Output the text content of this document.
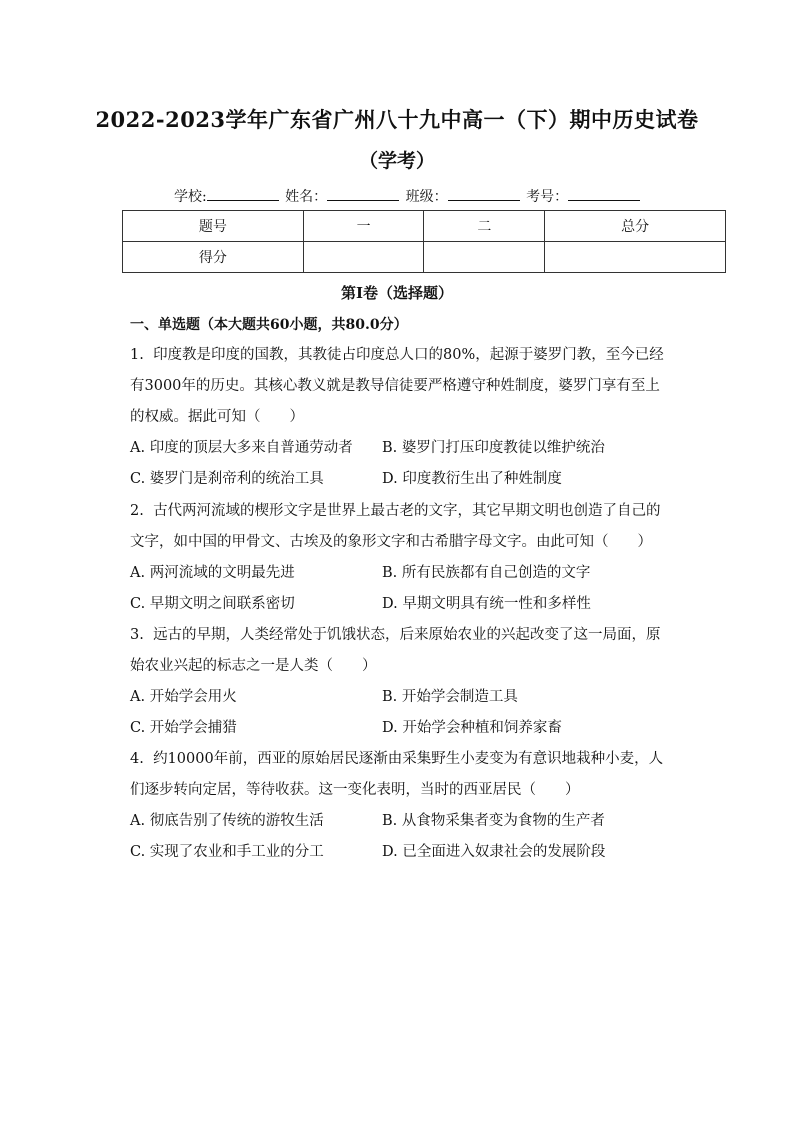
2022-2023学年广东省广州八十九中高一（下）期中历史试卷
（学考）
学校:	姓名：	班级：	考号：
题号	一	二	总分
得分			
第Ⅰ卷（选择题）
一、单选题（本大题共60小题，共80.0分）

1. 印度教是印度的国教，其教徒占印度总人口的80%，起源于婆罗门教，至今已经有3000年的历史。其核心教义就是教导信徒要严格遵守种姓制度，婆罗门享有至上的权威。据此可知（　　）

A. 印度的顶层大多来自普通劳动者	B. 婆罗门打压印度教徒以维护统治
C. 婆罗门是刹帝利的统治工具	D. 印度教衍生出了种姓制度

2. 古代两河流域的楔形文字是世界上最古老的文字，其它早期文明也创造了自己的文字，如中国的甲骨文、古埃及的象形文字和古希腊字母文字。由此可知（　　）

A. 两河流域的文明最先进	B. 所有民族都有自己创造的文字
C. 早期文明之间联系密切	D. 早期文明具有统一性和多样性

3. 远古的早期，人类经常处于饥饿状态，后来原始农业的兴起改变了这一局面，原始农业兴起的标志之一是人类（　　）

A. 开始学会用火	B. 开始学会制造工具
C. 开始学会捕猎	D. 开始学会种植和饲养家畜

4. 约10000年前，西亚的原始居民逐渐由采集野生小麦变为有意识地栽种小麦，人们逐步转向定居，等待收获。这一变化表明，当时的西亚居民（　　）

A. 彻底告别了传统的游牧生活	B. 从食物采集者变为食物的生产者
C. 实现了农业和手工业的分工	D. 已全面进入奴隶社会的发展阶段
